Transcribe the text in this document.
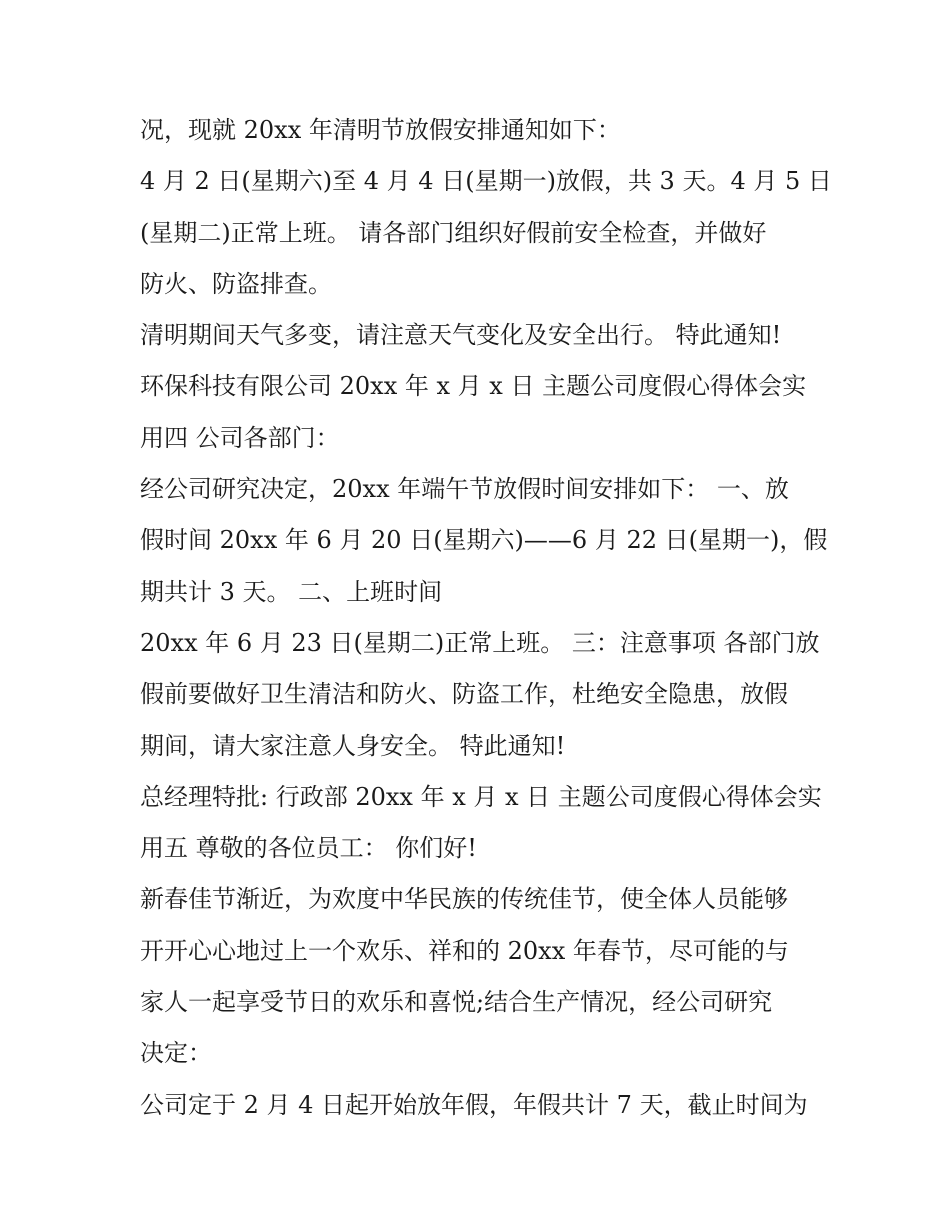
况，现就 20xx 年清明节放假安排通知如下：
4 月 2 日(星期六)至 4 月 4 日(星期一)放假，共 3 天。4 月 5 日
(星期二)正常上班。 请各部门组织好假前安全检查，并做好
防火、防盗排查。
清明期间天气多变，请注意天气变化及安全出行。 特此通知!
环保科技有限公司 20xx 年 x 月 x 日 主题公司度假心得体会实
用四 公司各部门：
经公司研究决定，20xx 年端午节放假时间安排如下： 一、放
假时间 20xx 年 6 月 20 日(星期六)——6 月 22 日(星期一)，假
期共计 3 天。 二、上班时间
20xx 年 6 月 23 日(星期二)正常上班。 三：注意事项 各部门放
假前要做好卫生清洁和防火、防盗工作，杜绝安全隐患，放假
期间，请大家注意人身安全。 特此通知!
总经理特批: 行政部 20xx 年 x 月 x 日 主题公司度假心得体会实
用五 尊敬的各位员工： 你们好!
新春佳节渐近，为欢度中华民族的传统佳节，使全体人员能够
开开心心地过上一个欢乐、祥和的 20xx 年春节，尽可能的与
家人一起享受节日的欢乐和喜悦;结合生产情况，经公司研究
决定：
公司定于 2 月 4 日起开始放年假，年假共计 7 天，截止时间为
